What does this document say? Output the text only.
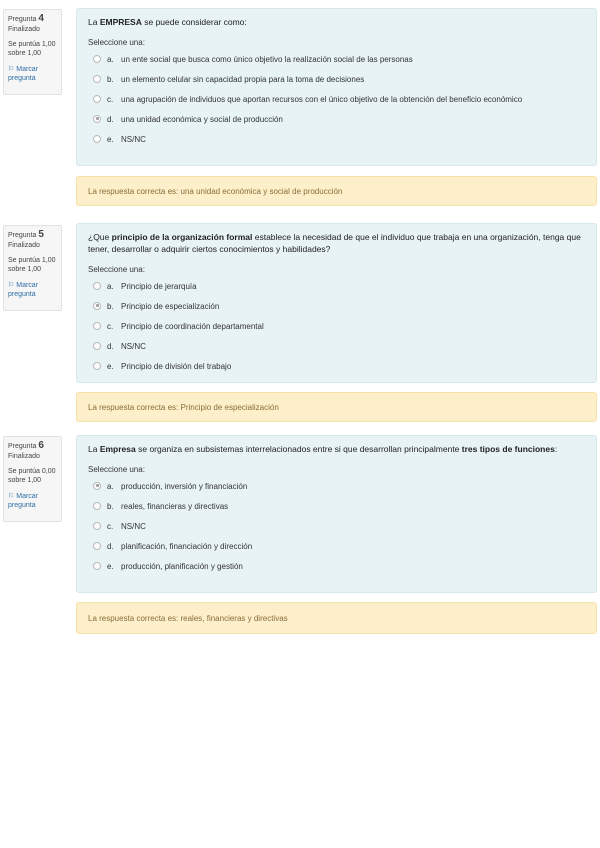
Pregunta 4
Finalizado
Se puntúa 1,00 sobre 1,00
⚐ Marcar pregunta
La EMPRESA se puede considerar como:
Seleccione una:
a. un ente social que busca como único objetivo la realización social de las personas
b. un elemento celular sin capacidad propia para la toma de decisiones
c. una agrupación de individuos que aportan recursos con el único objetivo de la obtención del beneficio económico
d. una unidad económica y social de producción
e. NS/NC
La respuesta correcta es: una unidad económica y social de producción
Pregunta 5
Finalizado
Se puntúa 1,00 sobre 1,00
⚐ Marcar pregunta
¿Que principio de la organización formal establece la necesidad de que el individuo que trabaja en una organización, tenga que tener, desarrollar o adquirir ciertos conocimientos y habilidades?
Seleccione una:
a. Principio de jerarquía
b. Principio de especialización
c. Principio de coordinación departamental
d. NS/NC
e. Principio de división del trabajo
La respuesta correcta es: Principio de especialización
Pregunta 6
Finalizado
Se puntúa 0,00 sobre 1,00
⚐ Marcar pregunta
La Empresa se organiza en subsistemas interrelacionados entre si que desarrollan principalmente tres tipos de funciones:
Seleccione una:
a. producción, inversión y financiación
b. reales, financieras y directivas
c. NS/NC
d. planificación, financiación y dirección
e. producción, planificación y gestión
La respuesta correcta es: reales, financieras y directivas
